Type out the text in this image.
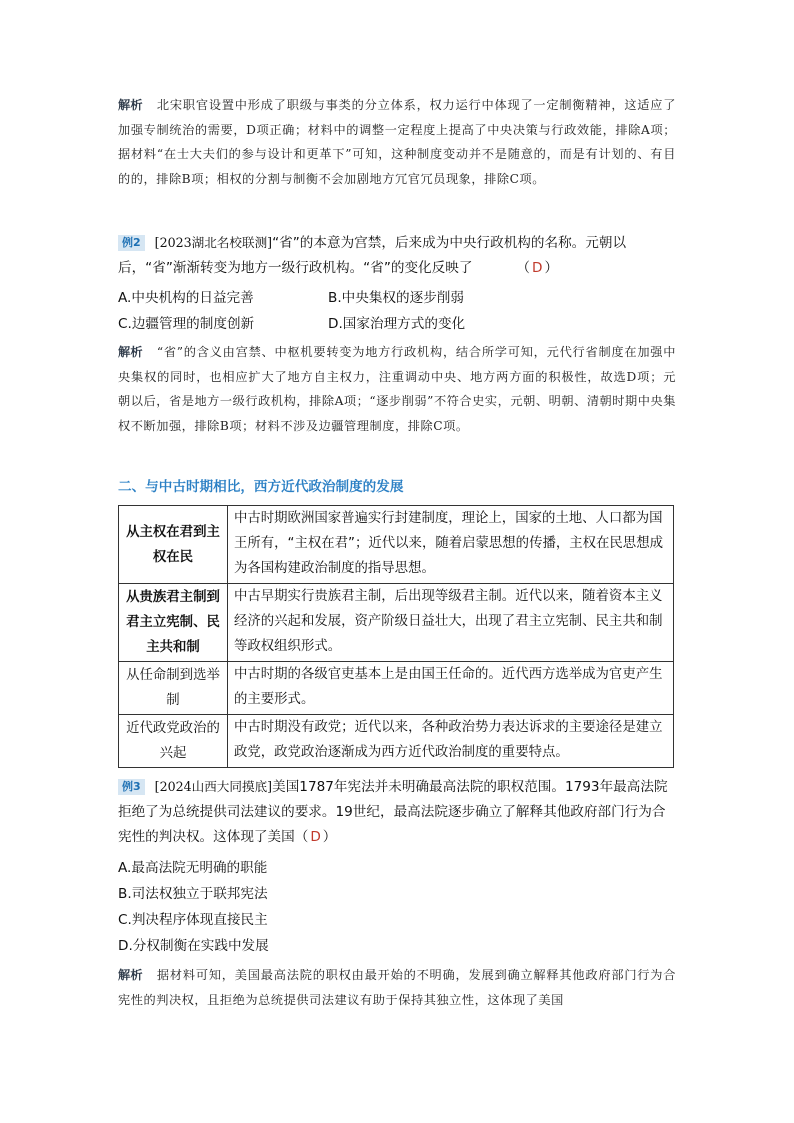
解析 北宋职官设置中形成了职级与事类的分立体系，权力运行中体现了一定制衡精神，这适应了加强专制统治的需要，D项正确；材料中的调整一定程度上提高了中央决策与行政效能，排除A项；据材料“在士大夫们的参与设计和更革下”可知，这种制度变动并不是随意的，而是有计划的、有目的的，排除B项；相权的分割与制衡不会加剧地方冗官冗员现象，排除C项。
例2 [2023湖北名校联测]“省”的本意为宫禁，后来成为中央行政机构的名称。元朝以后，“省”渐渐转变为地方一级行政机构。“省”的变化反映了	（ D ）
A.中央机构的日益完善	B.中央集权的逐步削弱
C.边疆管理的制度创新	D.国家治理方式的变化
解析 “省”的含义由宫禁、中枢机要转变为地方行政机构，结合所学可知，元代行省制度在加强中央集权的同时，也相应扩大了地方自主权力，注重调动中央、地方两方面的积极性，故选D项；元朝以后，省是地方一级行政机构，排除A项；“逐步削弱”不符合史实，元朝、明朝、清朝时期中央集权不断加强，排除B项；材料不涉及边疆管理制度，排除C项。
二、与中古时期相比，西方近代政治制度的发展
从主权在君到主权在民	中古时期欧洲国家普遍实行封建制度，理论上，国家的土地、人口都为国王所有，“主权在君”；近代以来，随着启蒙思想的传播，主权在民思想成为各国构建政治制度的指导思想。
从贵族君主制到君主立宪制、民主共和制	中古早期实行贵族君主制，后出现等级君主制。近代以来，随着资本主义经济的兴起和发展，资产阶级日益壮大，出现了君主立宪制、民主共和制等政权组织形式。
从任命制到选举制	中古时期的各级官吏基本上是由国王任命的。近代西方选举成为官吏产生的主要形式。
近代政党政治的兴起	中古时期没有政党；近代以来，各种政治势力表达诉求的主要途径是建立政党，政党政治逐渐成为西方近代政治制度的重要特点。
例3 [2024山西大同摸底]美国1787年宪法并未明确最高法院的职权范围。1793年最高法院拒绝了为总统提供司法建议的要求。19世纪，最高法院逐步确立了解释其他政府部门行为合宪性的判决权。这体现了美国（ D ）
A.最高法院无明确的职能
B.司法权独立于联邦宪法
C.判决程序体现直接民主
D.分权制衡在实践中发展
解析 据材料可知，美国最高法院的职权由最开始的不明确，发展到确立解释其他政府部门行为合宪性的判决权，且拒绝为总统提供司法建议有助于保持其独立性，这体现了美国
